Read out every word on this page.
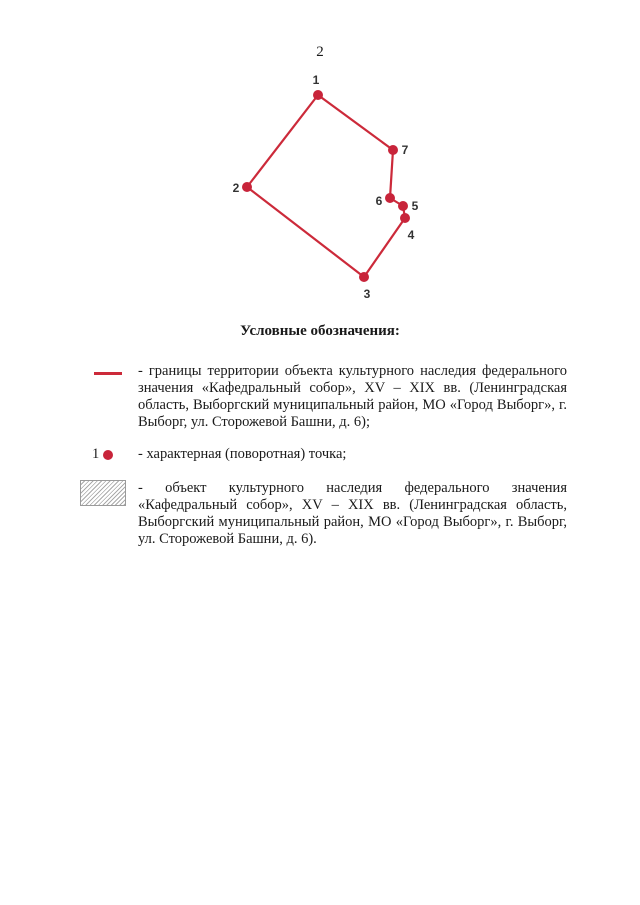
2
1
2
3
4
5
6
7
Условные обозначения:
- границы территории объекта культурного наследия федерального значения «Кафедральный собор», XV – XIX вв. (Ленинградская область, Выборгский муниципальный район, МО «Город Выборг», г. Выборг, ул. Сторожевой Башни, д. 6);
1	- характерная (поворотная) точка;
- объект культурного наследия федерального значения «Кафедральный собор», XV – XIX вв. (Ленинградская область, Выборгский муниципальный район, МО «Город Выборг», г. Выборг, ул. Сторожевой Башни, д. 6).
